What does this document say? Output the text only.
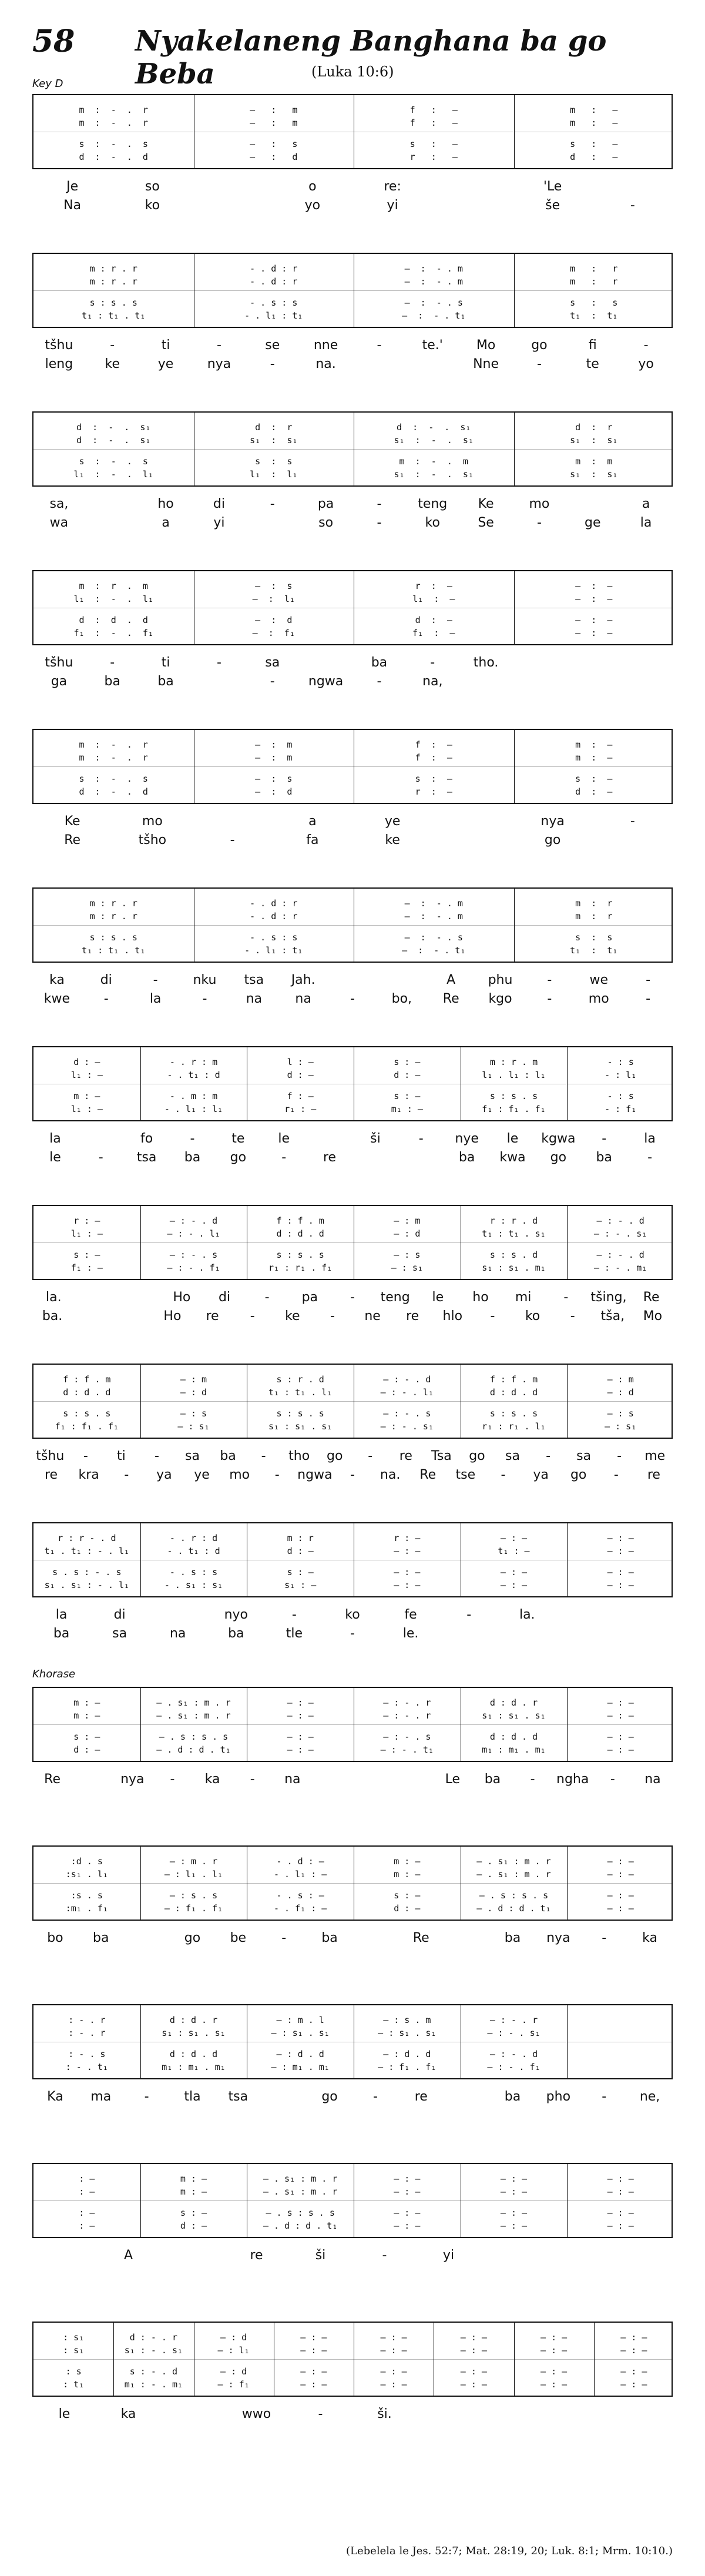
58 Nyakelaneng Banghana ba go Beba	(Luka 10:6)
Key D
m  :  -  .  r	—   :   m	f   :   —	m   :   —
m  :  -  .  r	—   :   m	f   :   —	m   :   —
s  :  -  .  s	—   :   s	s   :   —	s   :   —
d  :  -  .  d	—   :   d	r   :   —	d   :   —
Je	so	o	re:	'Le
Na	ko	yo	yi	še	-
m : r . r	- . d : r	—  :  - . m	m   :   r
m : r . r	- . d : r	—  :  - . m	m   :   r
s : s . s	- . s : s	—  :  - . s	s   :   s
t₁ : t₁ . t₁	- . l₁ : t₁	—  :  - . t₁	t₁  :  t₁
tšhu	-	ti	-	se	nne	-	te.'	Mo	go	fi	-
leng	ke	ye	nya	-	na.	Nne	-	te	yo
d  :  -  .  s₁	d  :  r	d  :  -  .  s₁	d  :  r
d  :  -  .  s₁	s₁  :  s₁	s₁  :  -  .  s₁	s₁  :  s₁
s  :  -  .  s	s  :  s	m  :  -  .  m	m  :  m
l₁  :  -  .  l₁	l₁  :  l₁	s₁  :  -  .  s₁	s₁  :  s₁
sa,	ho	di	-	pa	-	teng	Ke	mo	a
wa	a	yi	so	-	ko	Se	-	ge	la
m  :  r  .  m	—  :  s	r  :  —	—  :  —
l₁  :  -  .  l₁	—  :  l₁	l₁  :  —	—  :  —
d  :  d  .  d	—  :  d	d  :  —	—  :  —
f₁  :  -  .  f₁	—  :  f₁	f₁  :  —	—  :  —
tšhu	-	ti	-	sa	ba	-	tho.
ga	ba	ba	-	ngwa	-	na,
m  :  -  .  r	—  :  m	f  :  —	m  :  —
m  :  -  .  r	—  :  m	f  :  —	m  :  —
s  :  -  .  s	—  :  s	s  :  —	s  :  —
d  :  -  .  d	—  :  d	r  :  —	d  :  —
Ke	mo	a	ye	nya	-
Re	tšho	-	fa	ke	go
m : r . r	- . d : r	—  :  - . m	m  :  r
m : r . r	- . d : r	—  :  - . m	m  :  r
s : s . s	- . s : s	—  :  - . s	s  :  s
t₁ : t₁ . t₁	- . l₁ : t₁	—  :  - . t₁	t₁  :  t₁
ka	di	-	nku	tsa	Jah.	A	phu	-	we	-
kwe	-	la	-	na	na	-	bo,	Re	kgo	-	mo	-
d : —	- . r : m	l : —	s : —	m : r . m	- : s
l₁ : —	- . t₁ : d	d : —	d : —	l₁ . l₁ : l₁	- : l₁
m : —	- . m : m	f : —	s : —	s : s . s	- : s
l₁ : —	- . l₁ : l₁	r₁ : —	m₁ : —	f₁ : f₁ . f₁	- : f₁
la	fo	-	te	le	ši	-	nye	le	kgwa	-	la
le	-	tsa	ba	go	-	re	ba	kwa	go	ba	-
r : —	— : - . d	f : f . m	— : m	r : r . d	— : - . d
l₁ : —	— : - . l₁	d : d . d	— : d	t₁ : t₁ . s₁	— : - . s₁
s : —	— : - . s	s : s . s	— : s	s : s . d	— : - . d
f₁ : —	— : - . f₁	r₁ : r₁ . f₁	— : s₁	s₁ : s₁ . m₁	— : - . m₁
la.	Ho	di	-	pa	-	teng	le	ho	mi	-	tšing,	Re
ba.	Ho	re	-	ke	-	ne	re	hlo	-	ko	-	tša,	Mo
f : f . m	— : m	s : r . d	— : - . d	f : f . m	— : m
d : d . d	— : d	t₁ : t₁ . l₁	— : - . l₁	d : d . d	— : d
s : s . s	— : s	s : s . s	— : - . s	s : s . s	— : s
f₁ : f₁ . f₁	— : s₁	s₁ : s₁ . s₁	— : - . s₁	r₁ : r₁ . l₁	— : s₁
tšhu	-	ti	-	sa	ba	-	tho	go	-	re	Tsa	go	sa	-	sa	-	me
re	kra	-	ya	ye	mo	-	ngwa	-	na.	Re	tse	-	ya	go	-	re
r : r - . d	- . r : d	m : r	r : —	— : —	— : —
t₁ . t₁ : - . l₁	- . t₁ : d	d : —	— : —	t₁ : —	— : —
s . s : - . s	- . s : s	s : —	— : —	— : —	— : —
s₁ . s₁ : - . l₁	- . s₁ : s₁	s₁ : —	— : —	— : —	— : —
la	di	nyo	-	ko	fe	-	la.
ba	sa	na	ba	tle	-	le.
m : —	— . s₁ : m . r	— : —	— : - . r	d : d . r	— : —
m : —	— . s₁ : m . r	— : —	— : - . r	s₁ : s₁ . s₁	— : —
s : —	— . s : s . s	— : —	— : - . s	d : d . d	— : —
d : —	— . d : d . t₁	— : —	— : - . t₁	m₁ : m₁ . m₁	— : —
Re	nya	-	ka	-	na	Le	ba	-	ngha	-	na
:d . s	— : m . r	- . d : —	m : —	— . s₁ : m . r	— : —
:s₁ . l₁	— : l₁ . l₁	- . l₁ : —	m : —	— . s₁ : m . r	— : —
:s . s	— : s . s	- . s : —	s : —	— . s : s . s	— : —
:m₁ . f₁	— : f₁ . f₁	- . f₁ : —	d : —	— . d : d . t₁	— : —
bo	ba	go	be	-	ba	Re	ba	nya	-	ka
: - . r	d : d . r	— : m . l	— : s . m	— : - . r
: - . r	s₁ : s₁ . s₁	— : s₁ . s₁	— : s₁ . s₁	— : - . s₁
: - . s	d : d . d	— : d . d	— : d . d	— : - . d
: - . t₁	m₁ : m₁ . m₁	— : m₁ . m₁	— : f₁ . f₁	— : - . f₁
Ka	ma	-	tla	tsa	go	-	re	ba	pho	-	ne,
: —	m : —	— . s₁ : m . r	— : —	— : —	— : —
: —	m : —	— . s₁ : m . r	— : —	— : —	— : —
: —	s : —	— . s : s . s	— : —	— : —	— : —
: —	d : —	— . d : d . t₁	— : —	— : —	— : —
A	re	ši	-	yi
: s₁	d : - . r	— : d	— : —	— : —	— : —	— : —	— : —
: s₁	s₁ : - . s₁	— : l₁	— : —	— : —	— : —	— : —	— : —
: s	s : - . d	— : d	— : —	— : —	— : —	— : —	— : —
: t₁	m₁ : - . m₁	— : f₁	— : —	— : —	— : —	— : —	— : —
le	ka	wwo	-	ši.
Khorase
(Lebelela le Jes. 52:7; Mat. 28:19, 20; Luk. 8:1; Mrm. 10:10.)
